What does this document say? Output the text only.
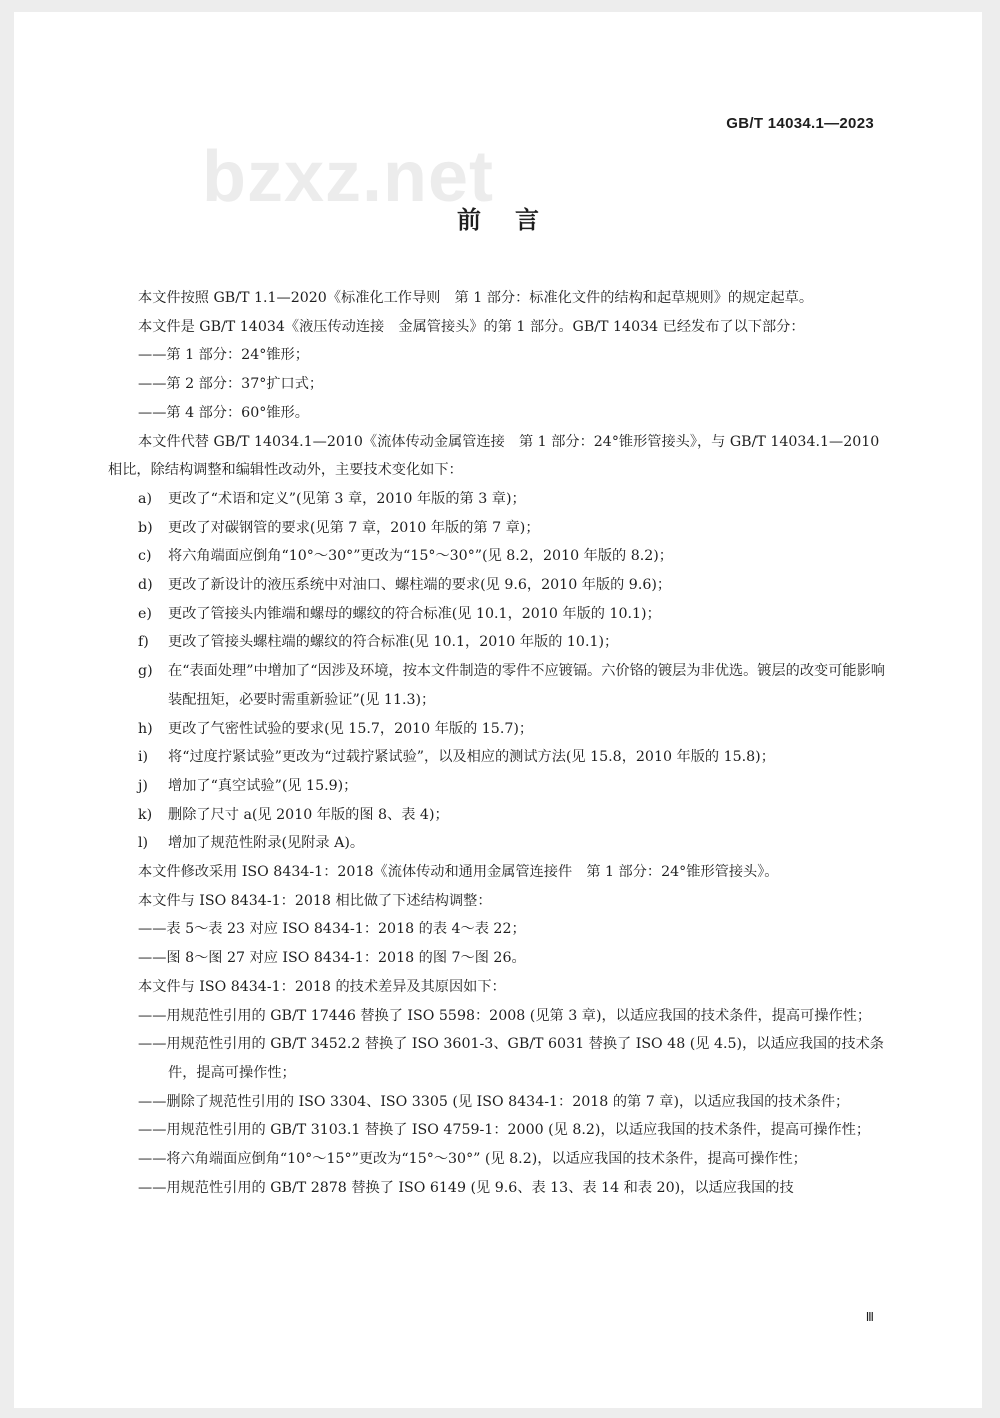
GB/T 14034.1—2023
bzxz.net
前言

本文件按照 GB/T 1.1—2020《标准化工作导则　第 1 部分：标准化文件的结构和起草规则》的规定起草。

本文件是 GB/T 14034《液压传动连接　金属管接头》的第 1 部分。GB/T 14034 已经发布了以下部分：

——第 1 部分：24°锥形；

——第 2 部分：37°扩口式；

——第 4 部分：60°锥形。

本文件代替 GB/T 14034.1—2010《流体传动金属管连接　第 1 部分：24°锥形管接头》，与 GB/T 14034.1—2010 相比，除结构调整和编辑性改动外，主要技术变化如下：

a) 更改了“术语和定义”(见第 3 章，2010 年版的第 3 章)；

b) 更改了对碳钢管的要求(见第 7 章，2010 年版的第 7 章)；

c) 将六角端面应倒角“10°～30°”更改为“15°～30°”(见 8.2，2010 年版的 8.2)；

d) 更改了新设计的液压系统中对油口、螺柱端的要求(见 9.6，2010 年版的 9.6)；

e) 更改了管接头内锥端和螺母的螺纹的符合标准(见 10.1，2010 年版的 10.1)；

f) 更改了管接头螺柱端的螺纹的符合标准(见 10.1，2010 年版的 10.1)；

g) 在“表面处理”中增加了“因涉及环境，按本文件制造的零件不应镀镉。六价铬的镀层为非优选。镀层的改变可能影响装配扭矩，必要时需重新验证”(见 11.3)；

h) 更改了气密性试验的要求(见 15.7，2010 年版的 15.7)；

i) 将“过度拧紧试验”更改为“过载拧紧试验”，以及相应的测试方法(见 15.8，2010 年版的 15.8)；

j) 增加了“真空试验”(见 15.9)；

k) 删除了尺寸 a(见 2010 年版的图 8、表 4)；

l) 增加了规范性附录(见附录 A)。

本文件修改采用 ISO 8434-1：2018《流体传动和通用金属管连接件　第 1 部分：24°锥形管接头》。

本文件与 ISO 8434-1：2018 相比做了下述结构调整：

——表 5～表 23 对应 ISO 8434-1：2018 的表 4～表 22；

——图 8～图 27 对应 ISO 8434-1：2018 的图 7～图 26。

本文件与 ISO 8434-1：2018 的技术差异及其原因如下：

——用规范性引用的 GB/T 17446 替换了 ISO 5598：2008 (见第 3 章)，以适应我国的技术条件，提高可操作性；

——用规范性引用的 GB/T 3452.2 替换了 ISO 3601-3、GB/T 6031 替换了 ISO 48 (见 4.5)，以适应我国的技术条件，提高可操作性；

——删除了规范性引用的 ISO 3304、ISO 3305 (见 ISO 8434-1：2018 的第 7 章)，以适应我国的技术条件；

——用规范性引用的 GB/T 3103.1 替换了 ISO 4759-1：2000 (见 8.2)，以适应我国的技术条件，提高可操作性；

——将六角端面应倒角“10°～15°”更改为“15°～30°” (见 8.2)，以适应我国的技术条件，提高可操作性；

——用规范性引用的 GB/T 2878 替换了 ISO 6149 (见 9.6、表 13、表 14 和表 20)，以适应我国的技

Ⅲ
